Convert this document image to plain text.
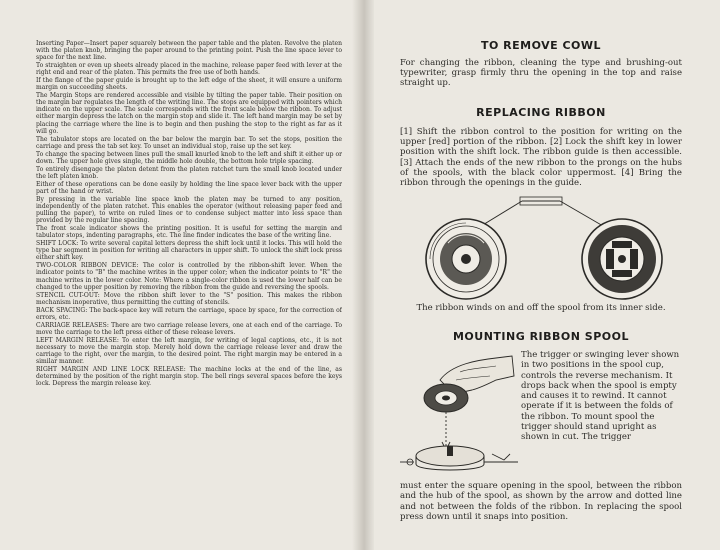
Inserting Paper—Insert paper squarely between the paper table and the platen. Revolve the platen with the platen knob, bringing the paper around to the printing point. Push the line space lever to space for the next line.

To straighten or even up sheets already placed in the machine, release paper feed with lever at the right end and rear of the platen. This permits the free use of both hands.

If the flange of the paper guide is brought up to the left edge of the sheet, it will ensure a uniform margin on succeeding sheets.

The Margin Stops are rendered accessible and visible by tilting the paper table. Their position on the margin bar regulates the length of the writing line. The stops are equipped with pointers which indicate on the upper scale. The scale corresponds with the front scale below the ribbon. To adjust either margin depress the latch on the margin stop and slide it. The left hand margin may be set by placing the carriage where the line is to begin and then pushing the stop to the right as far as it will go.

The tabulator stops are located on the bar below the margin bar. To set the stops, position the carriage and press the tab set key. To unset an individual stop, raise up the set key.

To change the spacing between lines pull the small knurled knob to the left and shift it either up or down. The upper hole gives single, the middle hole double, the bottom hole triple spacing.

To entirely disengage the platen detent from the platen ratchet turn the small knob located under the left platen knob.

Either of these operations can be done easily by holding the line space lever back with the upper part of the hand or wrist.

By pressing in the variable line space knob the platen may be turned to any position, independently of the platen ratchet. This enables the operator (without releasing paper feed and pulling the paper), to write on ruled lines or to condense subject matter into less space than provided by the regular line spacing.

The front scale indicator shows the printing position. It is useful for setting the margin and tabulator stops, indenting paragraphs, etc. The line finder indicates the base of the writing line.

SHIFT LOCK: To write several capital letters depress the shift lock until it locks. This will hold the type bar segment in position for writing all characters in upper shift. To unlock the shift lock press either shift key.

TWO-COLOR RIBBON DEVICE: The color is controlled by the ribbon-shift lever. When the indicator points to "B" the machine writes in the upper color; when the indicator points to "R" the machine writes in the lower color. Note: Where a single-color ribbon is used the lower half can be changed to the upper position by removing the ribbon from the guide and reversing the spools.

STENCIL CUT-OUT: Move the ribbon shift lever to the "S" position. This makes the ribbon mechanism inoperative, thus permitting the cutting of stencils.

BACK SPACING: The back-space key will return the carriage, space by space, for the correction of errors, etc.

CARRIAGE RELEASES: There are two carriage release levers, one at each end of the carriage. To move the carriage to the left press either of these release levers.

LEFT MARGIN RELEASE: To enter the left margin, for writing of legal captions, etc., it is not necessary to move the margin stop. Merely hold down the carriage release lever and draw the carriage to the right, over the margin, to the desired point. The right margin may be entered in a similar manner.

RIGHT MARGIN AND LINE LOCK RELEASE: The machine locks at the end of the line, as determined by the position of the right margin stop. The bell rings several spaces before the keys lock. Depress the margin release key.

TO REMOVE COWL

For changing the ribbon, cleaning the type and brushing-out typewriter, grasp firmly thru the opening in the top and raise straight up.

REPLACING RIBBON

[1] Shift the ribbon control to the position for writing on the upper [red] portion of the ribbon. [2] Lock the shift key in lower position with the shift lock. The ribbon guide is then accessible. [3] Attach the ends of the new ribbon to the prongs on the hubs of the spools, with the black color uppermost. [4] Bring the ribbon through the openings in the guide.

The ribbon winds on and off the spool from its inner side.

MOUNTING RIBBON SPOOL

The trigger or swinging lever shown in two positions in the spool cup, controls the reverse mechanism. It drops back when the spool is empty and causes it to rewind. It cannot operate if it is between the folds of the ribbon. To mount spool the trigger should stand upright as shown in cut. The trigger

must enter the square opening in the spool, between the ribbon and the hub of the spool, as shown by the arrow and dotted line and not between the folds of the ribbon. In replacing the spool press down until it snaps into position.
